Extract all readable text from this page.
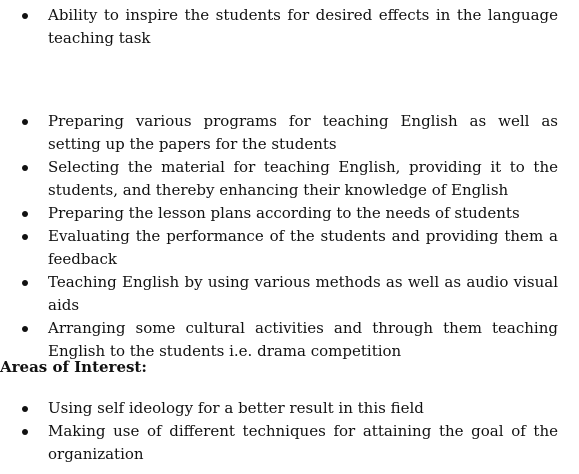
Ability to inspire the students for desired effects in the language teaching task
Preparing various programs for teaching English as well as setting up the papers for the students
Selecting the material for teaching English, providing it to the students, and thereby enhancing their knowledge of English
Preparing the lesson plans according to the needs of students
Evaluating the performance of the students and providing them a feedback
Teaching English by using various methods as well as audio visual aids
Arranging some cultural activities and through them teaching English to the students i.e. drama competition
Areas of Interest:
Using self ideology for a better result in this field
Making use of different techniques for attaining the goal of the organization
